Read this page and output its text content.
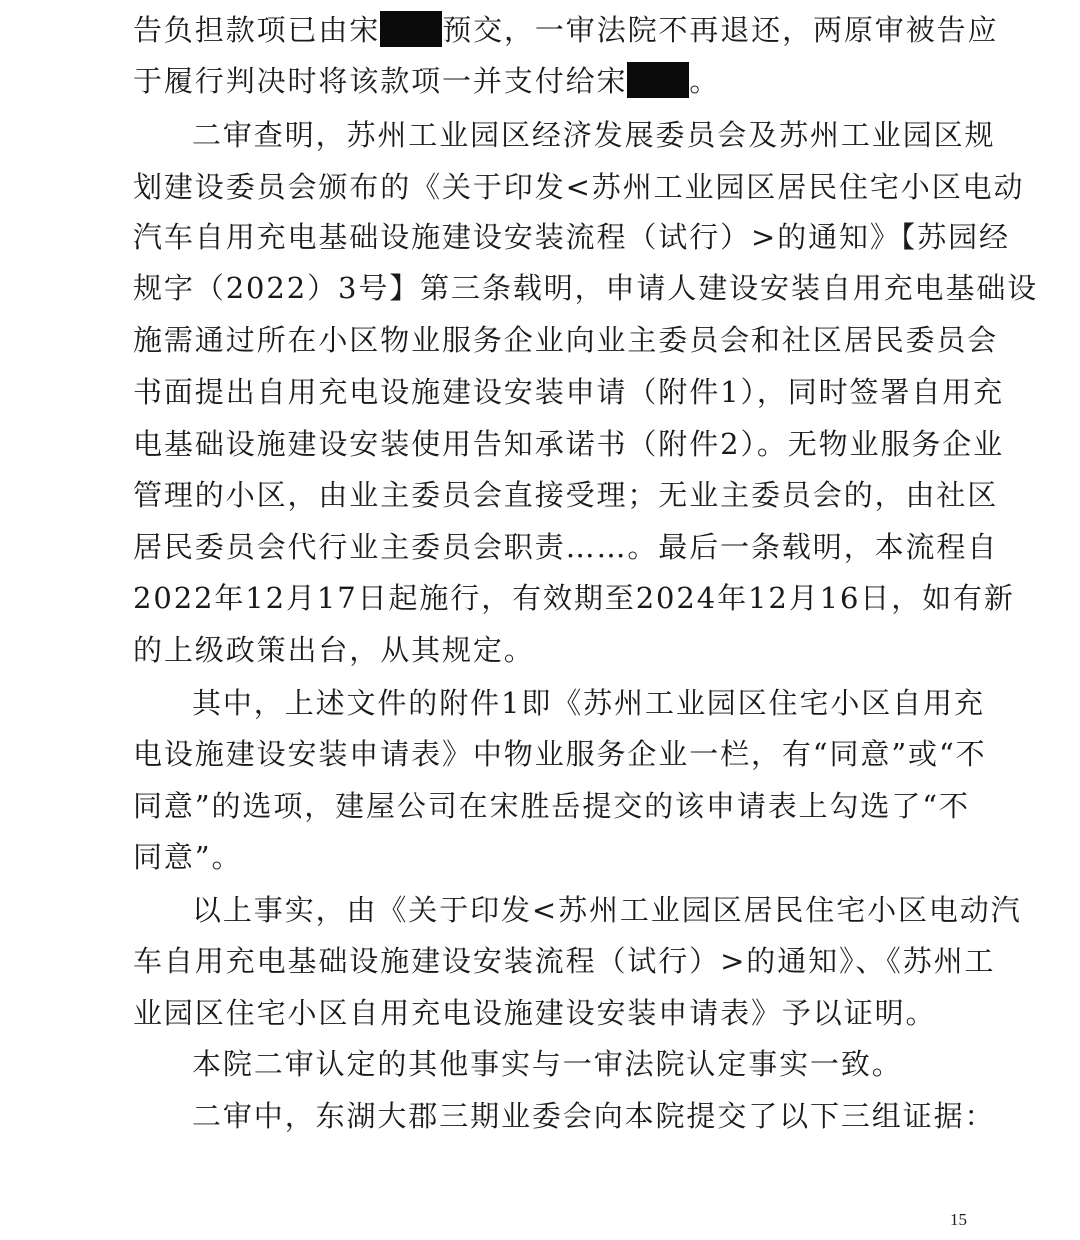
告负担款项已由宋 预交，一审法院不再退还，两原审被告应
于履行判决时将该款项一并支付给宋 。
二审查明，苏州工业园区经济发展委员会及苏州工业园区规
划建设委员会颁布的《关于印发<苏州工业园区居民住宅小区电动
汽车自用充电基础设施建设安装流程（试行）>的通知》【苏园经
规字（2022）3号】第三条载明，申请人建设安装自用充电基础设
施需通过所在小区物业服务企业向业主委员会和社区居民委员会
书面提出自用充电设施建设安装申请（附件1），同时签署自用充
电基础设施建设安装使用告知承诺书（附件2）。无物业服务企业
管理的小区，由业主委员会直接受理；无业主委员会的，由社区
居民委员会代行业主委员会职责……。最后一条载明，本流程自
2022年12月17日起施行，有效期至2024年12月16日，如有新
的上级政策出台，从其规定。
其中，上述文件的附件1即《苏州工业园区住宅小区自用充
电设施建设安装申请表》中物业服务企业一栏，有“同意”或“不
同意”的选项，建屋公司在宋胜岳提交的该申请表上勾选了“不
同意”。
以上事实，由《关于印发<苏州工业园区居民住宅小区电动汽
车自用充电基础设施建设安装流程（试行）>的通知》、《苏州工
业园区住宅小区自用充电设施建设安装申请表》予以证明。
本院二审认定的其他事实与一审法院认定事实一致。
二审中，东湖大郡三期业委会向本院提交了以下三组证据：
15
